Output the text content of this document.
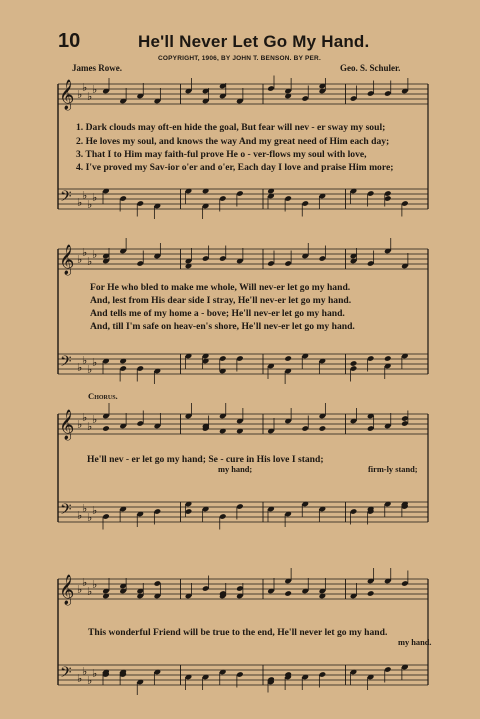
𝄞
𝄢
♭
♭
♭
♭
♭
♭
♭
♭
𝄞
𝄢
♭
♭
♭
♭
♭
♭
♭
♭
𝄞
𝄢
♭
♭
♭
♭
♭
♭
♭
♭
𝄞
𝄢
♭
♭
♭
♭
♭
♭
♭
♭
10	He'll Never Let Go My Hand.
COPYRIGHT, 1906, BY JOHN T. BENSON. BY PER.
James Rowe.	Geo. S. Schuler.
1. Dark clouds may oft-en hide the goal, But fear will nev - er sway my soul;
2. He loves my soul, and knows the way And my great need of Him each day;
3. That I to Him may faith-ful prove He o - ver-flows my soul with love,
4. I've proved my Sav-ior o'er and o'er, Each day I love and praise Him more;
For He who bled to make me whole, Will nev-er let go my hand.
And, lest from His dear side I stray, He'll nev-er let go my hand.
And tells me of my home a - bove; He'll nev-er let go my hand.
And, till I'm safe on heav-en's shore, He'll nev-er let go my hand.
Chorus.
He'll nev - er let go my hand; Se - cure in His love I stand;
my hand;	firm-ly stand;
This wonderful Friend will be true to the end, He'll never let go my hand.
my hand.
